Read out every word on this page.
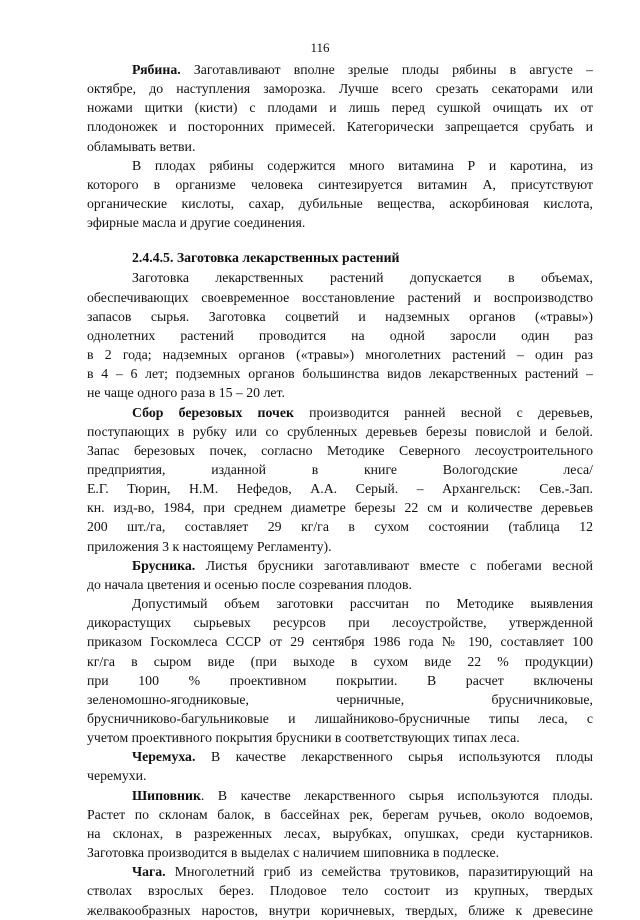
116

Рябина. Заготавливают вполне зрелые плоды рябины в августе –
октябре, до наступления заморозка. Лучше всего срезать секаторами или
ножами щитки (кисти) с плодами и лишь перед сушкой очищать их от
плодоножек и посторонних примесей. Категорически запрещается срубать и
обламывать ветви.

В плодах рябины содержится много витамина Р и каротина, из
которого в организме человека синтезируется витамин А, присутствуют
органические кислоты, сахар, дубильные вещества, аскорбиновая кислота,
эфирные масла и другие соединения.

2.4.4.5. Заготовка лекарственных растений

Заготовка лекарственных растений допускается в объемах,
обеспечивающих своевременное восстановление растений и воспроизводство
запасов сырья. Заготовка соцветий и надземных органов («травы»)
однолетних растений проводится на одной заросли один раз
в 2 года; надземных органов («травы») многолетних растений – один раз
в 4 – 6 лет; подземных органов большинства видов лекарственных растений –
не чаще одного раза в 15 – 20 лет.

Сбор березовых почек производится ранней весной с деревьев,
поступающих в рубку или со срубленных деревьев березы повислой и белой.
Запас березовых почек, согласно Методике Северного лесоустроительного
предприятия, изданной в книге Вологодские леса/
Е.Г. Тюрин, Н.М. Нефедов, А.А. Серый. – Архангельск: Сев.-Зап.
кн. изд-во, 1984, при среднем диаметре березы 22 см и количестве деревьев
200 шт./га, составляет 29 кг/га в сухом состоянии (таблица 12
приложения 3 к настоящему Регламенту).

Брусника. Листья брусники заготавливают вместе с побегами весной
до начала цветения и осенью после созревания плодов.

Допустимый объем заготовки рассчитан по Методике выявления
дикорастущих сырьевых ресурсов при лесоустройстве, утвержденной
приказом Госкомлеса СССР от 29 сентября 1986 года № 190, составляет 100
кг/га в сыром виде (при выходе в сухом виде 22 % продукции)
при 100 % проективном покрытии. В расчет включены
зеленомошно-ягодниковые, черничные, брусничниковые,
брусничниково-багульниковые и лишайниково-брусничные типы леса, с
учетом проективного покрытия брусники в соответствующих типах леса.

Черемуха. В качестве лекарственного сырья используются плоды
черемухи.

Шиповник. В качестве лекарственного сырья используются плоды.
Растет по склонам балок, в бассейнах рек, берегам ручьев, около водоемов,
на склонах, в разреженных лесах, вырубках, опушках, среди кустарников.
Заготовка производится в выделах с наличием шиповника в подлеске.

Чага. Многолетний гриб из семейства трутовиков, паразитирующий на
стволах взрослых берез. Плодовое тело состоит из крупных, твердых
желвакообразных наростов, внутри коричневых, твердых, ближе к древесине
